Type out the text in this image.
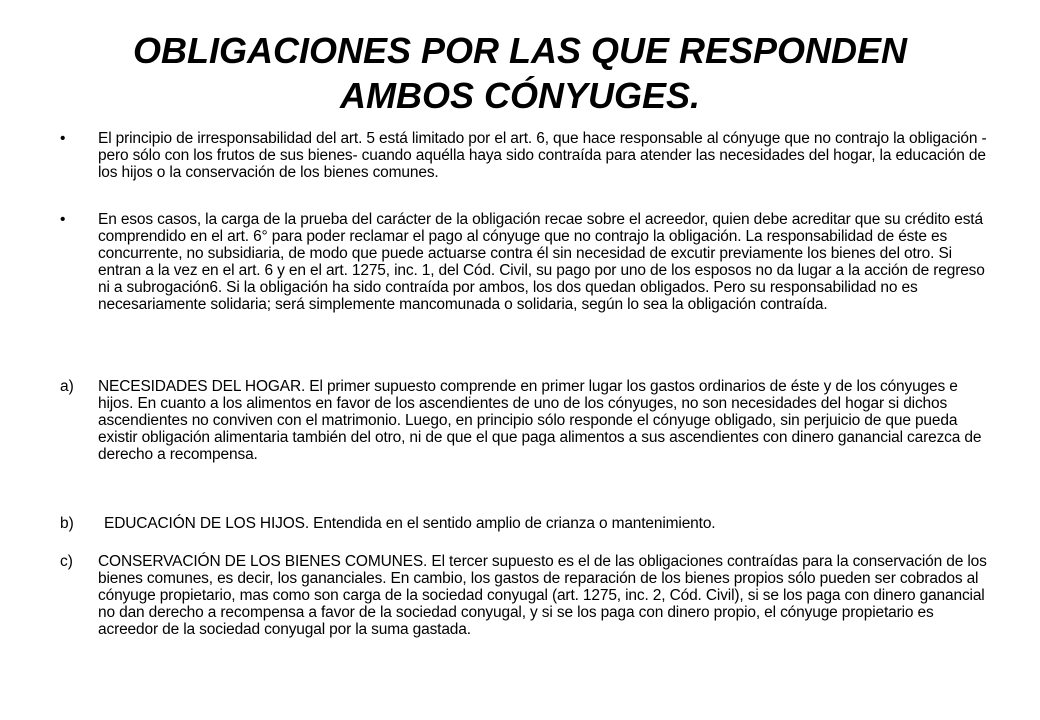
OBLIGACIONES POR LAS QUE RESPONDEN
AMBOS CÓNYUGES.
•	El principio de irresponsabilidad del art. 5 está limitado por el art. 6, que hace responsable al cónyuge que no contrajo la obligación -pero sólo con los frutos de sus bienes- cuando aquélla haya sido contraída para atender las necesidades del hogar, la educación de los hijos o la conservación de los bienes comunes.
•	En esos casos, la carga de la prueba del carácter de la obligación recae sobre el acreedor, quien debe acreditar que su crédito está comprendido en el art. 6° para poder reclamar el pago al cónyuge que no contrajo la obligación. La responsabilidad de éste es concurrente, no subsidiaria, de modo que puede actuarse contra él sin necesidad de excutir previamente los bienes del otro. Si entran a la vez en el art. 6 y en el art. 1275, inc. 1, del Cód. Civil, su pago por uno de los esposos no da lugar a la acción de regreso ni a subrogación6. Si la obligación ha sido contraída por ambos, los dos quedan obligados. Pero su responsabilidad no es necesariamente solidaria; será simplemente mancomunada o solidaria, según lo sea la obligación contraída.
a)	NECESIDADES DEL HOGAR. El primer supuesto comprende en primer lugar los gastos ordinarios de éste y de los cónyuges e hijos. En cuanto a los alimentos en favor de los ascendientes de uno de los cónyuges, no son necesidades del hogar si dichos ascendientes no conviven con el matrimonio. Luego, en principio sólo responde el cónyuge obligado, sin perjuicio de que pueda existir obligación alimentaria también del otro, ni de que el que paga alimentos a sus ascendientes con dinero ganancial carezca de derecho a recompensa.
b)	EDUCACIÓN DE LOS HIJOS. Entendida en el sentido amplio de crianza o mantenimiento.
c)	CONSERVACIÓN DE LOS BIENES COMUNES. El tercer supuesto es el de las obligaciones contraídas para la conservación de los bienes comunes, es decir, los gananciales. En cambio, los gastos de reparación de los bienes propios sólo pueden ser cobrados al cónyuge propietario, mas como son carga de la sociedad conyugal (art. 1275, inc. 2, Cód. Civil), si se los paga con dinero ganancial no dan derecho a recompensa a favor de la sociedad conyugal, y si se los paga con dinero propio, el cónyuge propietario es acreedor de la sociedad conyugal por la suma gastada.
